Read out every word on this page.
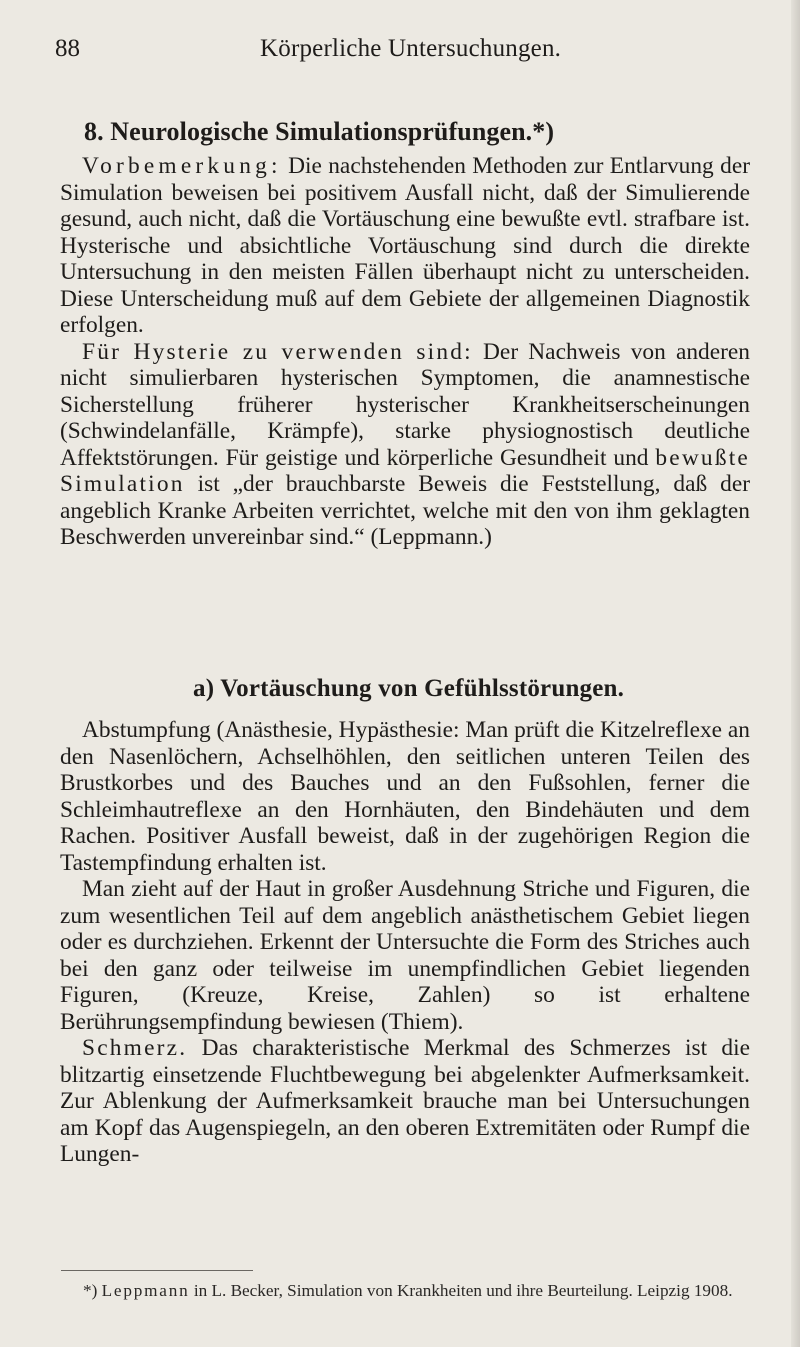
88	Körperliche Untersuchungen.
8. Neurologische Simulationsprüfungen.*)
Vorbemerkung: Die nachstehenden Methoden zur Entlarvung der Simulation beweisen bei positivem Ausfall nicht, daß der Simulierende gesund, auch nicht, daß die Vortäuschung eine bewußte evtl. strafbare ist. Hysterische und absichtliche Vortäuschung sind durch die direkte Untersuchung in den meisten Fällen überhaupt nicht zu unterscheiden. Diese Unterscheidung muß auf dem Gebiete der allgemeinen Diagnostik erfolgen.
Für Hysterie zu verwenden sind: Der Nachweis von anderen nicht simulierbaren hysterischen Symptomen, die anamnestische Sicherstellung früherer hysterischer Krankheitserscheinungen (Schwindelanfälle, Krämpfe), starke physiognostisch deutliche Affektstörungen. Für geistige und körperliche Gesundheit und bewußte Simulation ist „der brauchbarste Beweis die Feststellung, daß der angeblich Kranke Arbeiten verrichtet, welche mit den von ihm geklagten Beschwerden unvereinbar sind.“ (Leppmann.)
a) Vortäuschung von Gefühlsstörungen.
Abstumpfung (Anästhesie, Hypästhesie: Man prüft die Kitzelreflexe an den Nasenlöchern, Achselhöhlen, den seitlichen unteren Teilen des Brustkorbes und des Bauches und an den Fußsohlen, ferner die Schleimhautreflexe an den Hornhäuten, den Bindehäuten und dem Rachen. Positiver Ausfall beweist, daß in der zugehörigen Region die Tastempfindung erhalten ist.
Man zieht auf der Haut in großer Ausdehnung Striche und Figuren, die zum wesentlichen Teil auf dem angeblich anästhetischem Gebiet liegen oder es durchziehen. Erkennt der Untersuchte die Form des Striches auch bei den ganz oder teilweise im unempfindlichen Gebiet liegenden Figuren, (Kreuze, Kreise, Zahlen) so ist erhaltene Berührungsempfindung bewiesen (Thiem).
Schmerz. Das charakteristische Merkmal des Schmerzes ist die blitzartig einsetzende Fluchtbewegung bei abgelenkter Aufmerksamkeit. Zur Ablenkung der Aufmerksamkeit brauche man bei Untersuchungen am Kopf das Augenspiegeln, an den oberen Extremitäten oder Rumpf die Lungen-
*) Leppmann in L. Becker, Simulation von Krankheiten und ihre Beurteilung. Leipzig 1908.
